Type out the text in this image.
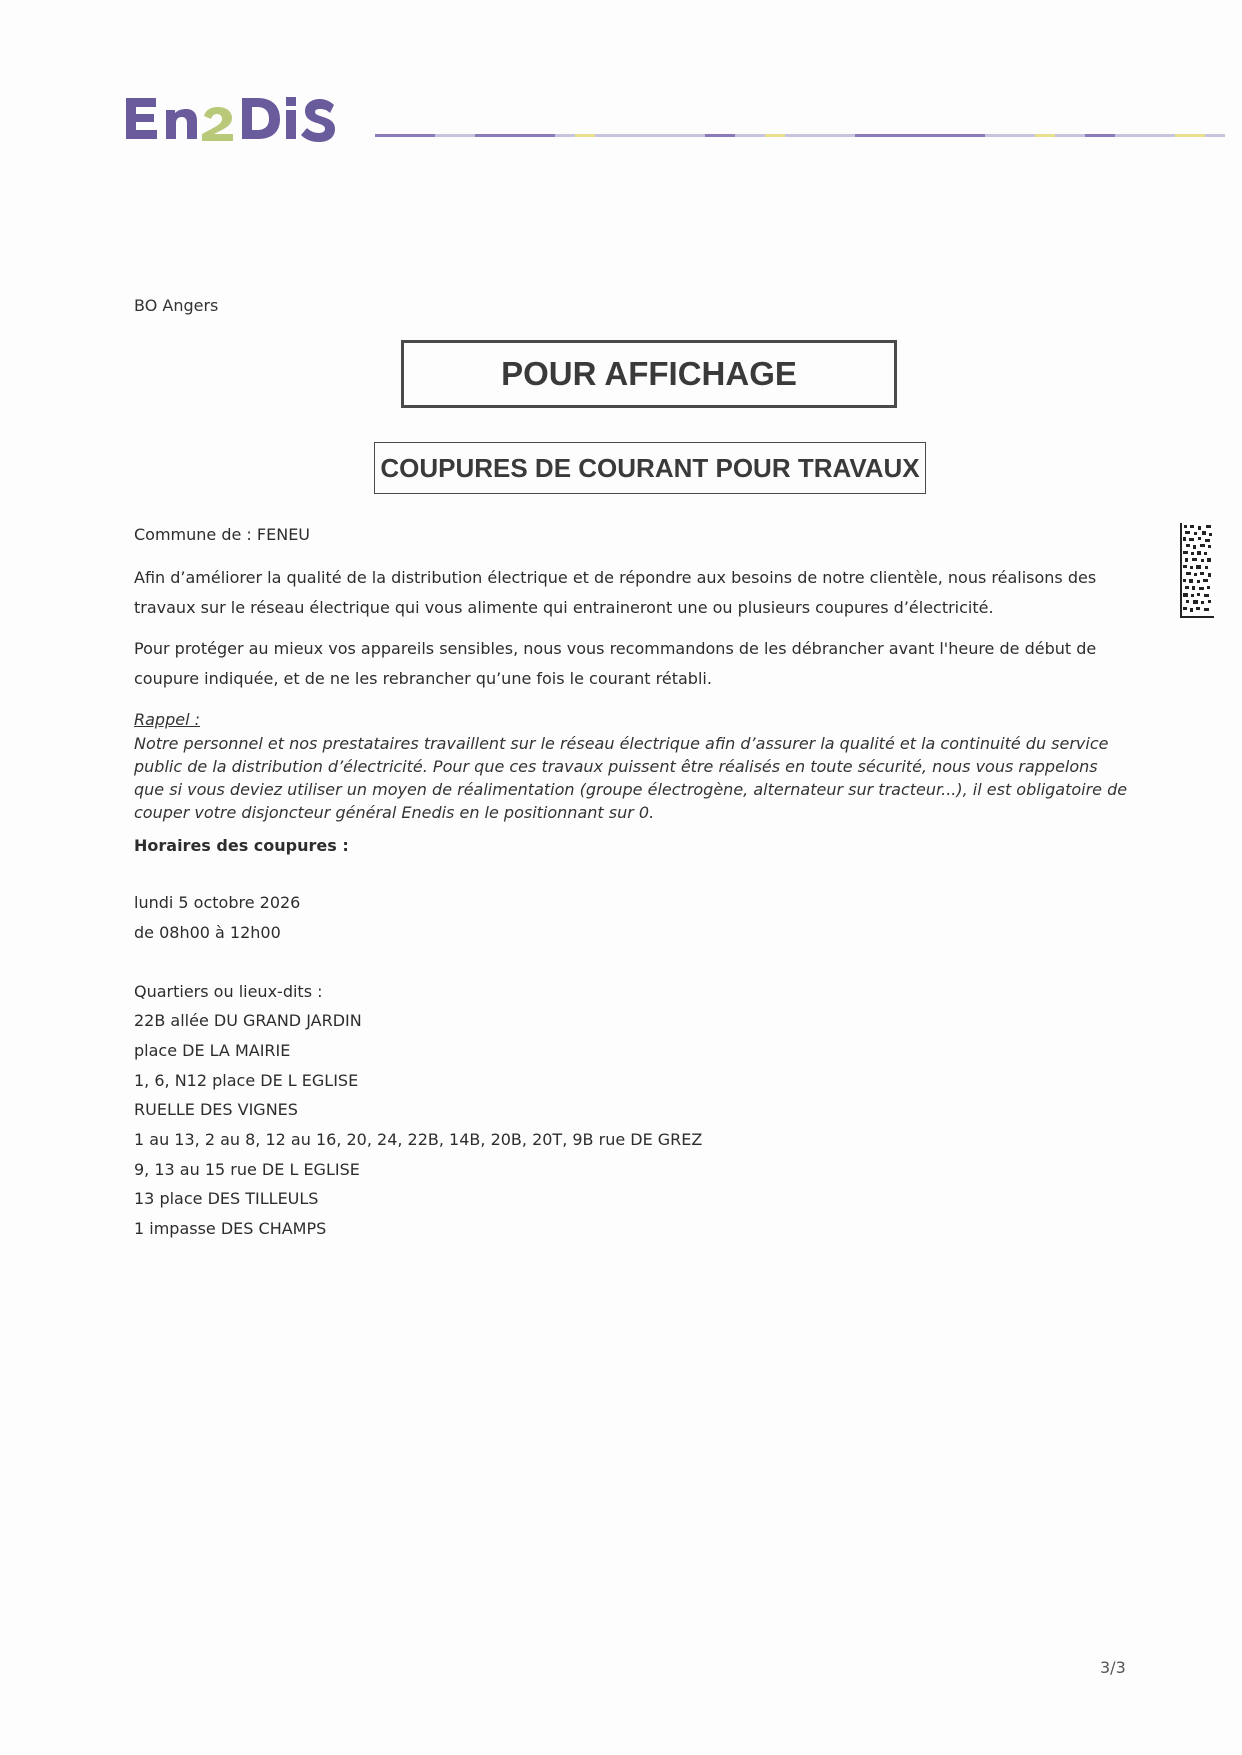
BO Angers
POUR AFFICHAGE
COUPURES DE COURANT POUR TRAVAUX
Commune de : FENEU
Afin d’améliorer la qualité de la distribution électrique et de répondre aux besoins de notre clientèle, nous réalisons des travaux sur le réseau électrique qui vous alimente qui entraineront une ou plusieurs coupures d’électricité.
Pour protéger au mieux vos appareils sensibles, nous vous recommandons de les débrancher avant l'heure de début de coupure indiquée, et de ne les rebrancher qu’une fois le courant rétabli.
Rappel :
Notre personnel et nos prestataires travaillent sur le réseau électrique afin d’assurer la qualité et la continuité du service public de la distribution d’électricité. Pour que ces travaux puissent être réalisés en toute sécurité, nous vous rappelons que si vous deviez utiliser un moyen de réalimentation (groupe électrogène, alternateur sur tracteur...), il est obligatoire de couper votre disjoncteur général Enedis en le positionnant sur 0.
Horaires des coupures :
lundi 5 octobre 2026
de 08h00 à 12h00
Quartiers ou lieux-dits :
22B allée DU GRAND JARDIN
place DE LA MAIRIE
1, 6, N12 place DE L EGLISE
RUELLE DES VIGNES
1 au 13, 2 au 8, 12 au 16, 20, 24, 22B, 14B, 20B, 20T, 9B rue DE GREZ
9, 13 au 15 rue DE L EGLISE
13 place DES TILLEULS
1 impasse DES CHAMPS
3/3
